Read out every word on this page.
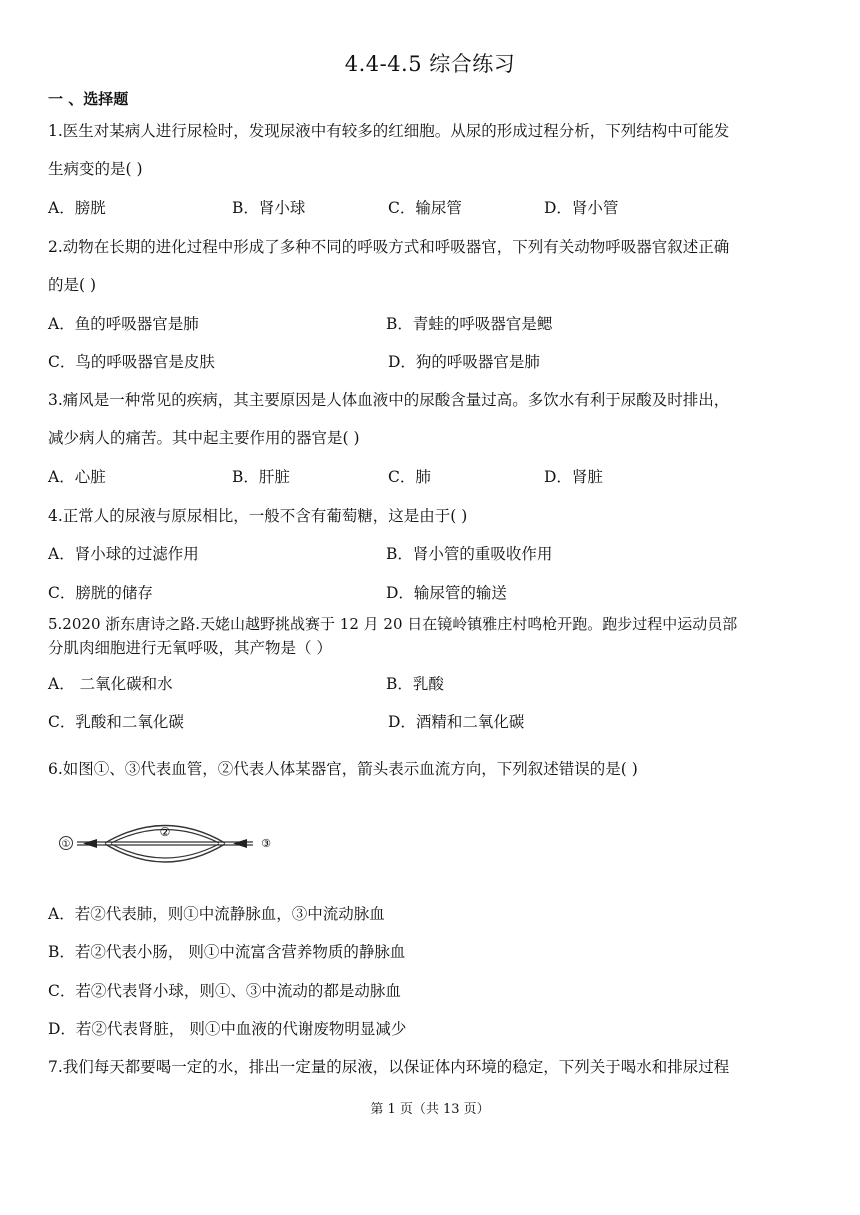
4.4-4.5 综合练习
一 、选择题
1.医生对某病人进行尿检时，发现尿液中有较多的红细胞。从尿的形成过程分析，下列结构中可能发
生病变的是( )
A．膀胱	B．肾小球	C．输尿管	D．肾小管
2.动物在长期的进化过程中形成了多种不同的呼吸方式和呼吸器官，下列有关动物呼吸器官叙述正确
的是( )
A．鱼的呼吸器官是肺	B．青蛙的呼吸器官是鳃
C．鸟的呼吸器官是皮肤	D．狗的呼吸器官是肺
3.痛风是一种常见的疾病，其主要原因是人体血液中的尿酸含量过高。多饮水有利于尿酸及时排出，
减少病人的痛苦。其中起主要作用的器官是( )
A．心脏	B．肝脏	C．肺	D．肾脏
4.正常人的尿液与原尿相比，一般不含有葡萄糖，这是由于( )
A．肾小球的过滤作用	B．肾小管的重吸收作用
C．膀胱的储存	D．输尿管的输送
5.2020 浙东唐诗之路.天姥山越野挑战赛于 12 月 20 日在镜岭镇雅庄村鸣枪开跑。跑步过程中运动员部
分肌肉细胞进行无氧呼吸，其产物是（ ）
A． 二氧化碳和水	B．乳酸
C．乳酸和二氧化碳	D．酒精和二氧化碳
6.如图①、③代表血管，②代表人体某器官，箭头表示血流方向，下列叙述错误的是( )
①
②
③
A．若②代表肺，则①中流静脉血，③中流动脉血
B．若②代表小肠， 则①中流富含营养物质的静脉血
C．若②代表肾小球，则①、③中流动的都是动脉血
D．若②代表肾脏， 则①中血液的代谢废物明显减少
7.我们每天都要喝一定的水，排出一定量的尿液，以保证体内环境的稳定，下列关于喝水和排尿过程
第 1 页（共 13 页）
